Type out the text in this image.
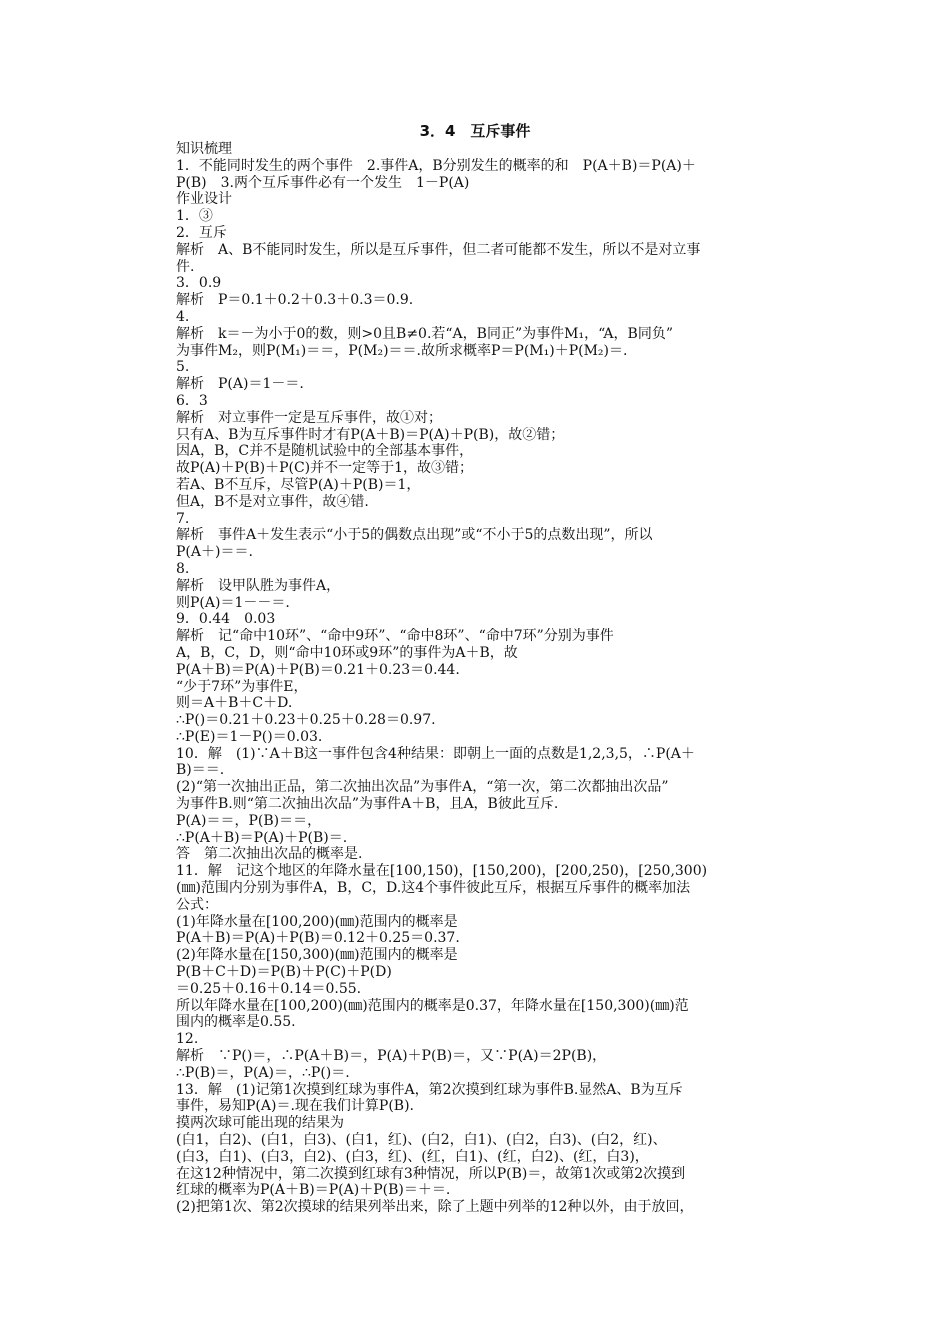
3．4　互斥事件
知识梳理
1．不能同时发生的两个事件　2.事件A，B分别发生的概率的和　P(A＋B)＝P(A)＋
P(B)　3.两个互斥事件必有一个发生　1－P(A)
作业设计
1．③
2．互斥
解析　A、B不能同时发生，所以是互斥事件，但二者可能都不发生，所以不是对立事
件.
3．0.9
解析　P＝0.1＋0.2＋0.3＋0.3＝0.9.
4.
解析　k＝－为小于0的数，则>0且B≠0.若“A，B同正”为事件M₁，“A，B同负”
为事件M₂，则P(M₁)＝＝，P(M₂)＝＝.故所求概率P＝P(M₁)＋P(M₂)＝.
5.
解析　P(A)＝1－＝.
6．3
解析　对立事件一定是互斥事件，故①对；
只有A、B为互斥事件时才有P(A＋B)＝P(A)＋P(B)，故②错；
因A，B，C并不是随机试验中的全部基本事件，
故P(A)＋P(B)＋P(C)并不一定等于1，故③错；
若A、B不互斥，尽管P(A)＋P(B)＝1，
但A，B不是对立事件，故④错.
7.
解析　事件A＋发生表示“小于5的偶数点出现”或“不小于5的点数出现”，所以
P(A＋)＝＝.
8.
解析　设甲队胜为事件A，
则P(A)＝1－－＝.
9．0.44　0.03
解析　记“命中10环”、“命中9环”、“命中8环”、“命中7环”分别为事件
A，B，C，D，则“命中10环或9环”的事件为A＋B，故
P(A＋B)＝P(A)＋P(B)＝0.21＋0.23＝0.44.
“少于7环”为事件E，
则＝A＋B＋C＋D.
∴P()＝0.21＋0.23＋0.25＋0.28＝0.97.
∴P(E)＝1－P()＝0.03.
10．解　(1)∵A＋B这一事件包含4种结果：即朝上一面的点数是1,2,3,5，∴P(A＋
B)＝＝.
(2)“第一次抽出正品，第二次抽出次品”为事件A，“第一次，第二次都抽出次品”
为事件B.则“第二次抽出次品”为事件A＋B，且A，B彼此互斥.
P(A)＝＝，P(B)＝＝，
∴P(A＋B)＝P(A)＋P(B)＝.
答　第二次抽出次品的概率是.
11．解　记这个地区的年降水量在[100,150)，[150,200)，[200,250)，[250,300)
(㎜)范围内分别为事件A，B，C，D.这4个事件彼此互斥，根据互斥事件的概率加法
公式：
(1)年降水量在[100,200)(㎜)范围内的概率是
P(A＋B)＝P(A)＋P(B)＝0.12＋0.25＝0.37.
(2)年降水量在[150,300)(㎜)范围内的概率是
P(B＋C＋D)＝P(B)＋P(C)＋P(D)
＝0.25＋0.16＋0.14＝0.55.
所以年降水量在[100,200)(㎜)范围内的概率是0.37，年降水量在[150,300)(㎜)范
围内的概率是0.55.
12.
解析　∵P()＝，∴P(A＋B)＝，P(A)＋P(B)＝，又∵P(A)＝2P(B)，
∴P(B)＝，P(A)＝，∴P()＝.
13．解　(1)记第1次摸到红球为事件A，第2次摸到红球为事件B.显然A、B为互斥
事件，易知P(A)＝.现在我们计算P(B).
摸两次球可能出现的结果为
(白1，白2)、(白1，白3)、(白1，红)、(白2，白1)、(白2，白3)、(白2，红)、
(白3，白1)、(白3，白2)、(白3，红)、(红，白1)、(红，白2)、(红，白3)，
在这12种情况中，第二次摸到红球有3种情况，所以P(B)＝，故第1次或第2次摸到
红球的概率为P(A＋B)＝P(A)＋P(B)＝＋＝.
(2)把第1次、第2次摸球的结果列举出来，除了上题中列举的12种以外，由于放回，
